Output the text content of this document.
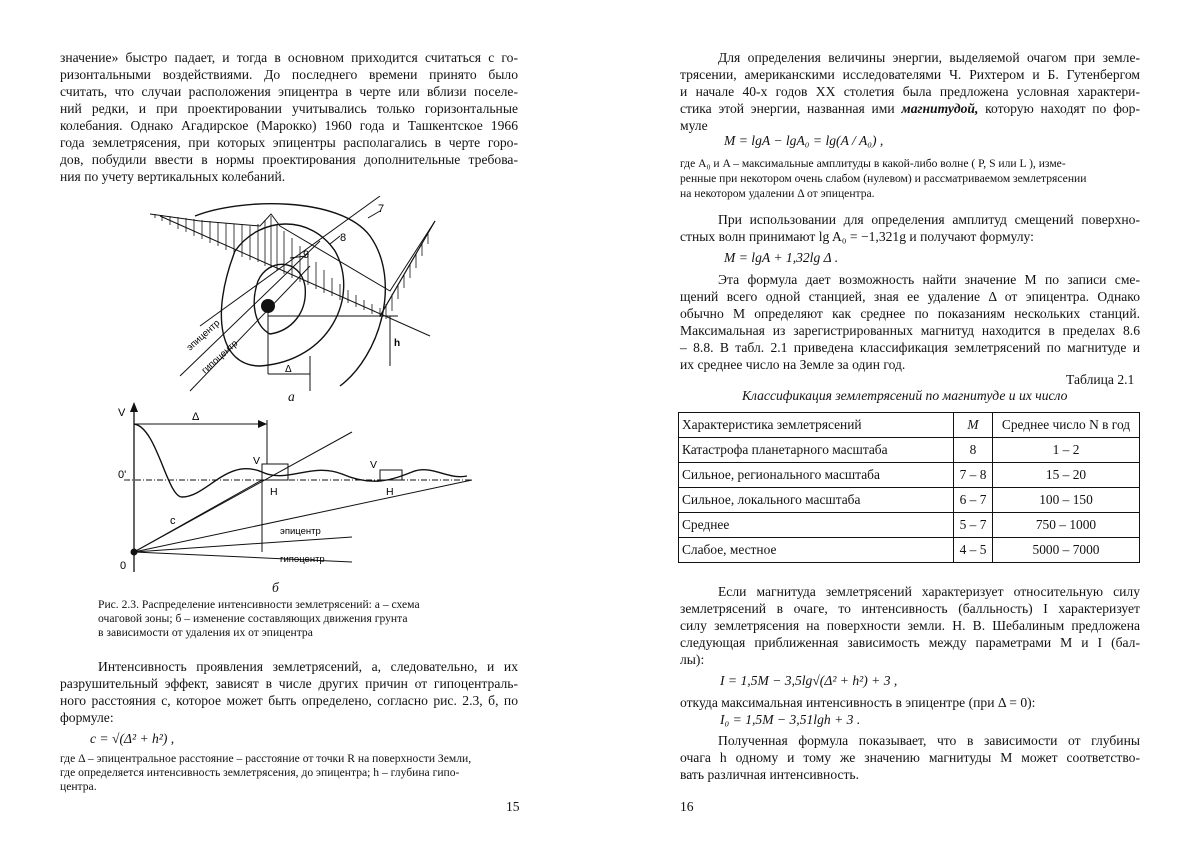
значение» быстро падает, и тогда в основном приходится считаться с го-
ризонтальными воздействиями. До последнего времени принято было
считать, что случаи расположения эпицентра в черте или вблизи поселе-
ний редки, и при проектировании учитывались только горизонтальные
колебания. Однако Агадирское (Марокко) 1960 года и Ташкентское 1966
года землетрясения, при которых эпицентры располагались в черте горо-
дов, побудили ввести в нормы проектирования дополнительные требова-
ния по учету вертикальных колебаний.
7
8
9
h
Δ
эпицентр
гипоцентр
а
V
0'
0
Δ
V
H
V
H
c
эпицентр
гипоцентр
б
Рис. 2.3. Распределение интенсивности землетрясений: а – схема
очаговой зоны; б – изменение составляющих движения грунта
в зависимости от удаления их от эпицентра
Интенсивность проявления землетрясений, а, следовательно, и их
разрушительный эффект, зависят в числе других причин от гипоцентраль-
ного расстояния c, которое может быть определено, согласно рис. 2.3, б, по
формуле:
c = √(Δ² + h²) ,
где Δ – эпицентральное расстояние – расстояние от точки R на поверхности Земли,
где определяется интенсивность землетрясения, до эпицентра; h – глубина гипо-
центра.
15
Для определения величины энергии, выделяемой очагом при земле-
трясении, американскими исследователями Ч. Рихтером и Б. Гутенбергом
и начале 40-х годов XX столетия была предложена условная характери-
стика этой энергии, названная ими магнитудой, которую находят по фор-
муле
M = lgA − lgA₀ = lg(A / A₀) ,
где A₀ и A – максимальные амплитуды в какой-либо волне ( P, S или L ), изме-
ренные при некотором очень слабом (нулевом) и рассматриваемом землетрясении
на некотором удалении Δ от эпицентра.
При использовании для определения амплитуд смещений поверхно-
стных волн принимают lg A₀ = −1,321g и получают формулу:
M = lgA + 1,32lg Δ .
Эта формула дает возможность найти значение M по записи сме-
щений всего одной станцией, зная ее удаление Δ от эпицентра. Однако
обычно M определяют как среднее по показаниям нескольких станций.
Максимальная из зарегистрированных магнитуд находится в пределах 8.6
– 8.8. В табл. 2.1 приведена классификация землетрясений по магнитуде и
их среднее число на Земле за один год.
Таблица 2.1
Классификация землетрясений по магнитуде и их число
Характеристика землетрясений	M	Среднее число N в год
Катастрофа планетарного масштаба	8	1 – 2
Сильное, регионального масштаба	7 – 8	15 – 20
Сильное, локального масштаба	6 – 7	100 – 150
Среднее	5 – 7	750 – 1000
Слабое, местное	4 – 5	5000 – 7000
Если магнитуда землетрясений характеризует относительную силу
землетрясений в очаге, то интенсивность (балльность) I характеризует
силу землетрясения на поверхности земли. Н. В. Шебалиным предложена
следующая приближенная зависимость между параметрами M и I (бал-
лы):
I = 1,5M − 3,5lg√(Δ² + h²) + 3 ,
откуда максимальная интенсивность в эпицентре (при Δ = 0):
I₀ = 1,5M − 3,51lgh + 3 .
Полученная формула показывает, что в зависимости от глубины
очага h одному и тому же значению магнитуды M может соответство-
вать различная интенсивность.
16
